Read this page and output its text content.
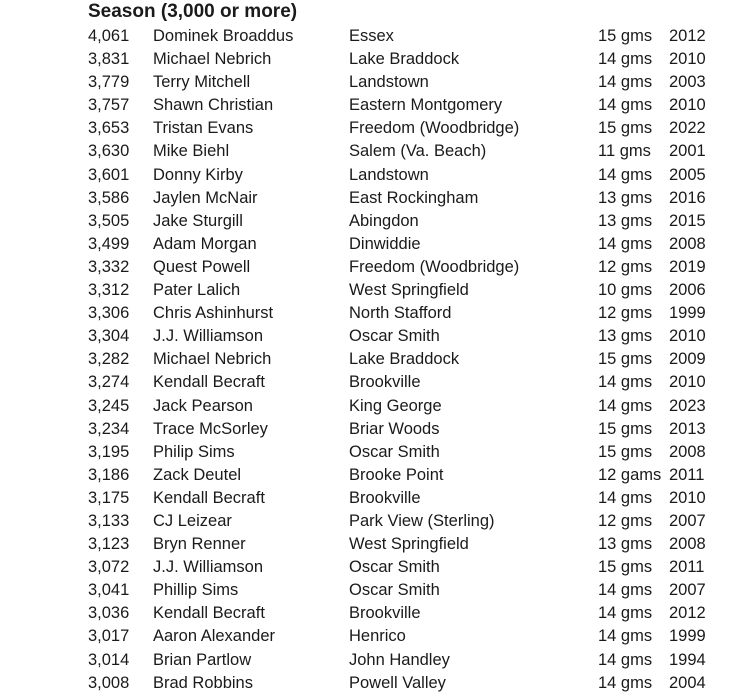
Season (3,000 or more)
4,061 Dominek Broaddus	Essex	15 gms 2012
3,831 Michael Nebrich	Lake Braddock	14 gms 2010
3,779 Terry Mitchell	Landstown	14 gms 2003
3,757 Shawn Christian	Eastern Montgomery	14 gms 2010
3,653 Tristan Evans	Freedom (Woodbridge)	15 gms 2022
3,630 Mike Biehl	Salem (Va. Beach)	11 gms 2001
3,601 Donny Kirby	Landstown	14 gms 2005
3,586 Jaylen McNair	East Rockingham	13 gms 2016
3,505 Jake Sturgill	Abingdon	13 gms 2015
3,499 Adam Morgan	Dinwiddie	14 gms 2008
3,332 Quest Powell	Freedom (Woodbridge)	12 gms 2019
3,312 Pater Lalich	West Springfield	10 gms 2006
3,306 Chris Ashinhurst	North Stafford	12 gms 1999
3,304 J.J. Williamson	Oscar Smith	13 gms 2010
3,282 Michael Nebrich	Lake Braddock	15 gms 2009
3,274 Kendall Becraft	Brookville	14 gms 2010
3,245 Jack Pearson	King George	14 gms 2023
3,234 Trace McSorley	Briar Woods	15 gms 2013
3,195 Philip Sims	Oscar Smith	15 gms 2008
3,186 Zack Deutel	Brooke Point	12 gams 2011
3,175 Kendall Becraft	Brookville	14 gms 2010
3,133 CJ Leizear	Park View (Sterling)	12 gms 2007
3,123 Bryn Renner	West Springfield	13 gms 2008
3,072 J.J. Williamson	Oscar Smith	15 gms 2011
3,041 Phillip Sims	Oscar Smith	14 gms 2007
3,036 Kendall Becraft	Brookville	14 gms 2012
3,017 Aaron Alexander	Henrico	14 gms 1999
3,014 Brian Partlow	John Handley	14 gms 1994
3,008 Brad Robbins	Powell Valley	14 gms 2004
